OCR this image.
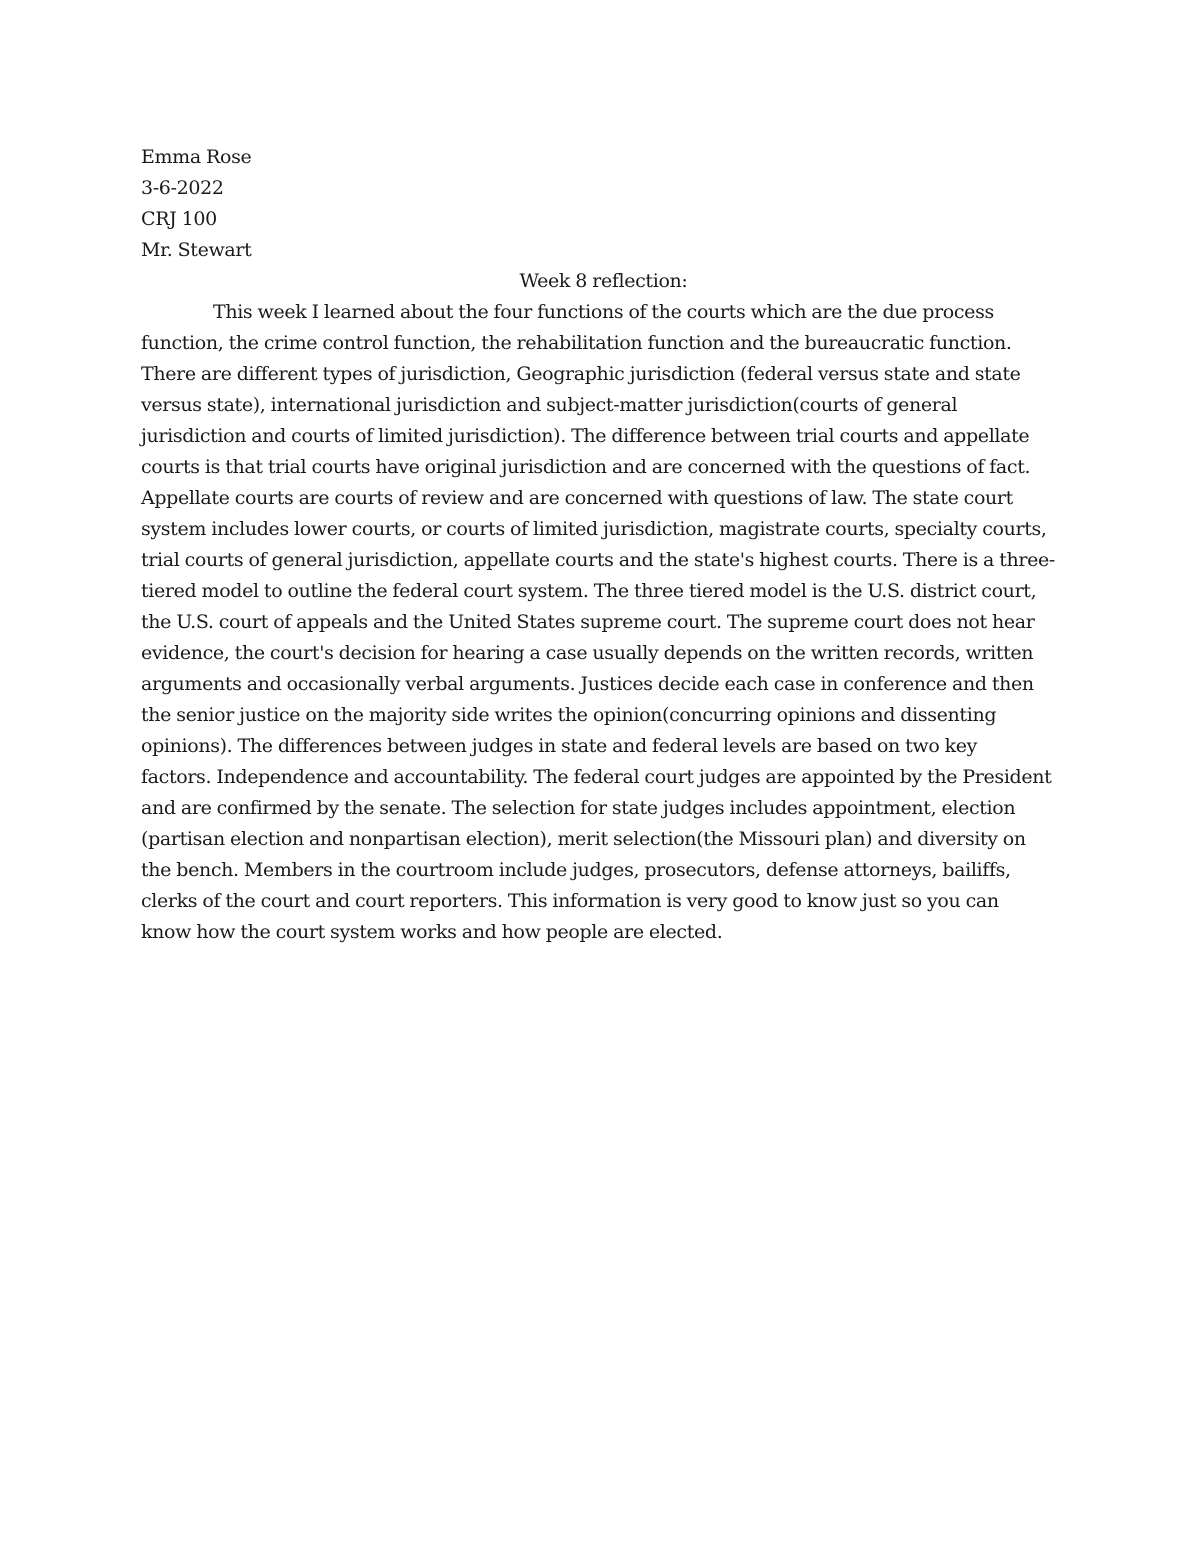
Emma Rose
3-6-2022
CRJ 100
Mr. Stewart
Week 8 reflection:
This week I learned about the four functions of the courts which are the due process
function, the crime control function, the rehabilitation function and the bureaucratic function.
There are different types of jurisdiction, Geographic jurisdiction (federal versus state and state
versus state), international jurisdiction and subject-matter jurisdiction(courts of general
jurisdiction and courts of limited jurisdiction). The difference between trial courts and appellate
courts is that trial courts have original jurisdiction and are concerned with the questions of fact.
Appellate courts are courts of review and are concerned with questions of law. The state court
system includes lower courts, or courts of limited jurisdiction, magistrate courts, specialty courts,
trial courts of general jurisdiction, appellate courts and the state's highest courts. There is a three-
tiered model to outline the federal court system. The three tiered model is the U.S. district court,
the U.S. court of appeals and the United States supreme court. The supreme court does not hear
evidence, the court's decision for hearing a case usually depends on the written records, written
arguments and occasionally verbal arguments. Justices decide each case in conference and then
the senior justice on the majority side writes the opinion(concurring opinions and dissenting
opinions). The differences between judges in state and federal levels are based on two key
factors. Independence and accountability. The federal court judges are appointed by the President
and are confirmed by the senate. The selection for state judges includes appointment, election
(partisan election and nonpartisan election), merit selection(the Missouri plan) and diversity on
the bench. Members in the courtroom include judges, prosecutors, defense attorneys, bailiffs,
clerks of the court and court reporters. This information is very good to know just so you can
know how the court system works and how people are elected.
